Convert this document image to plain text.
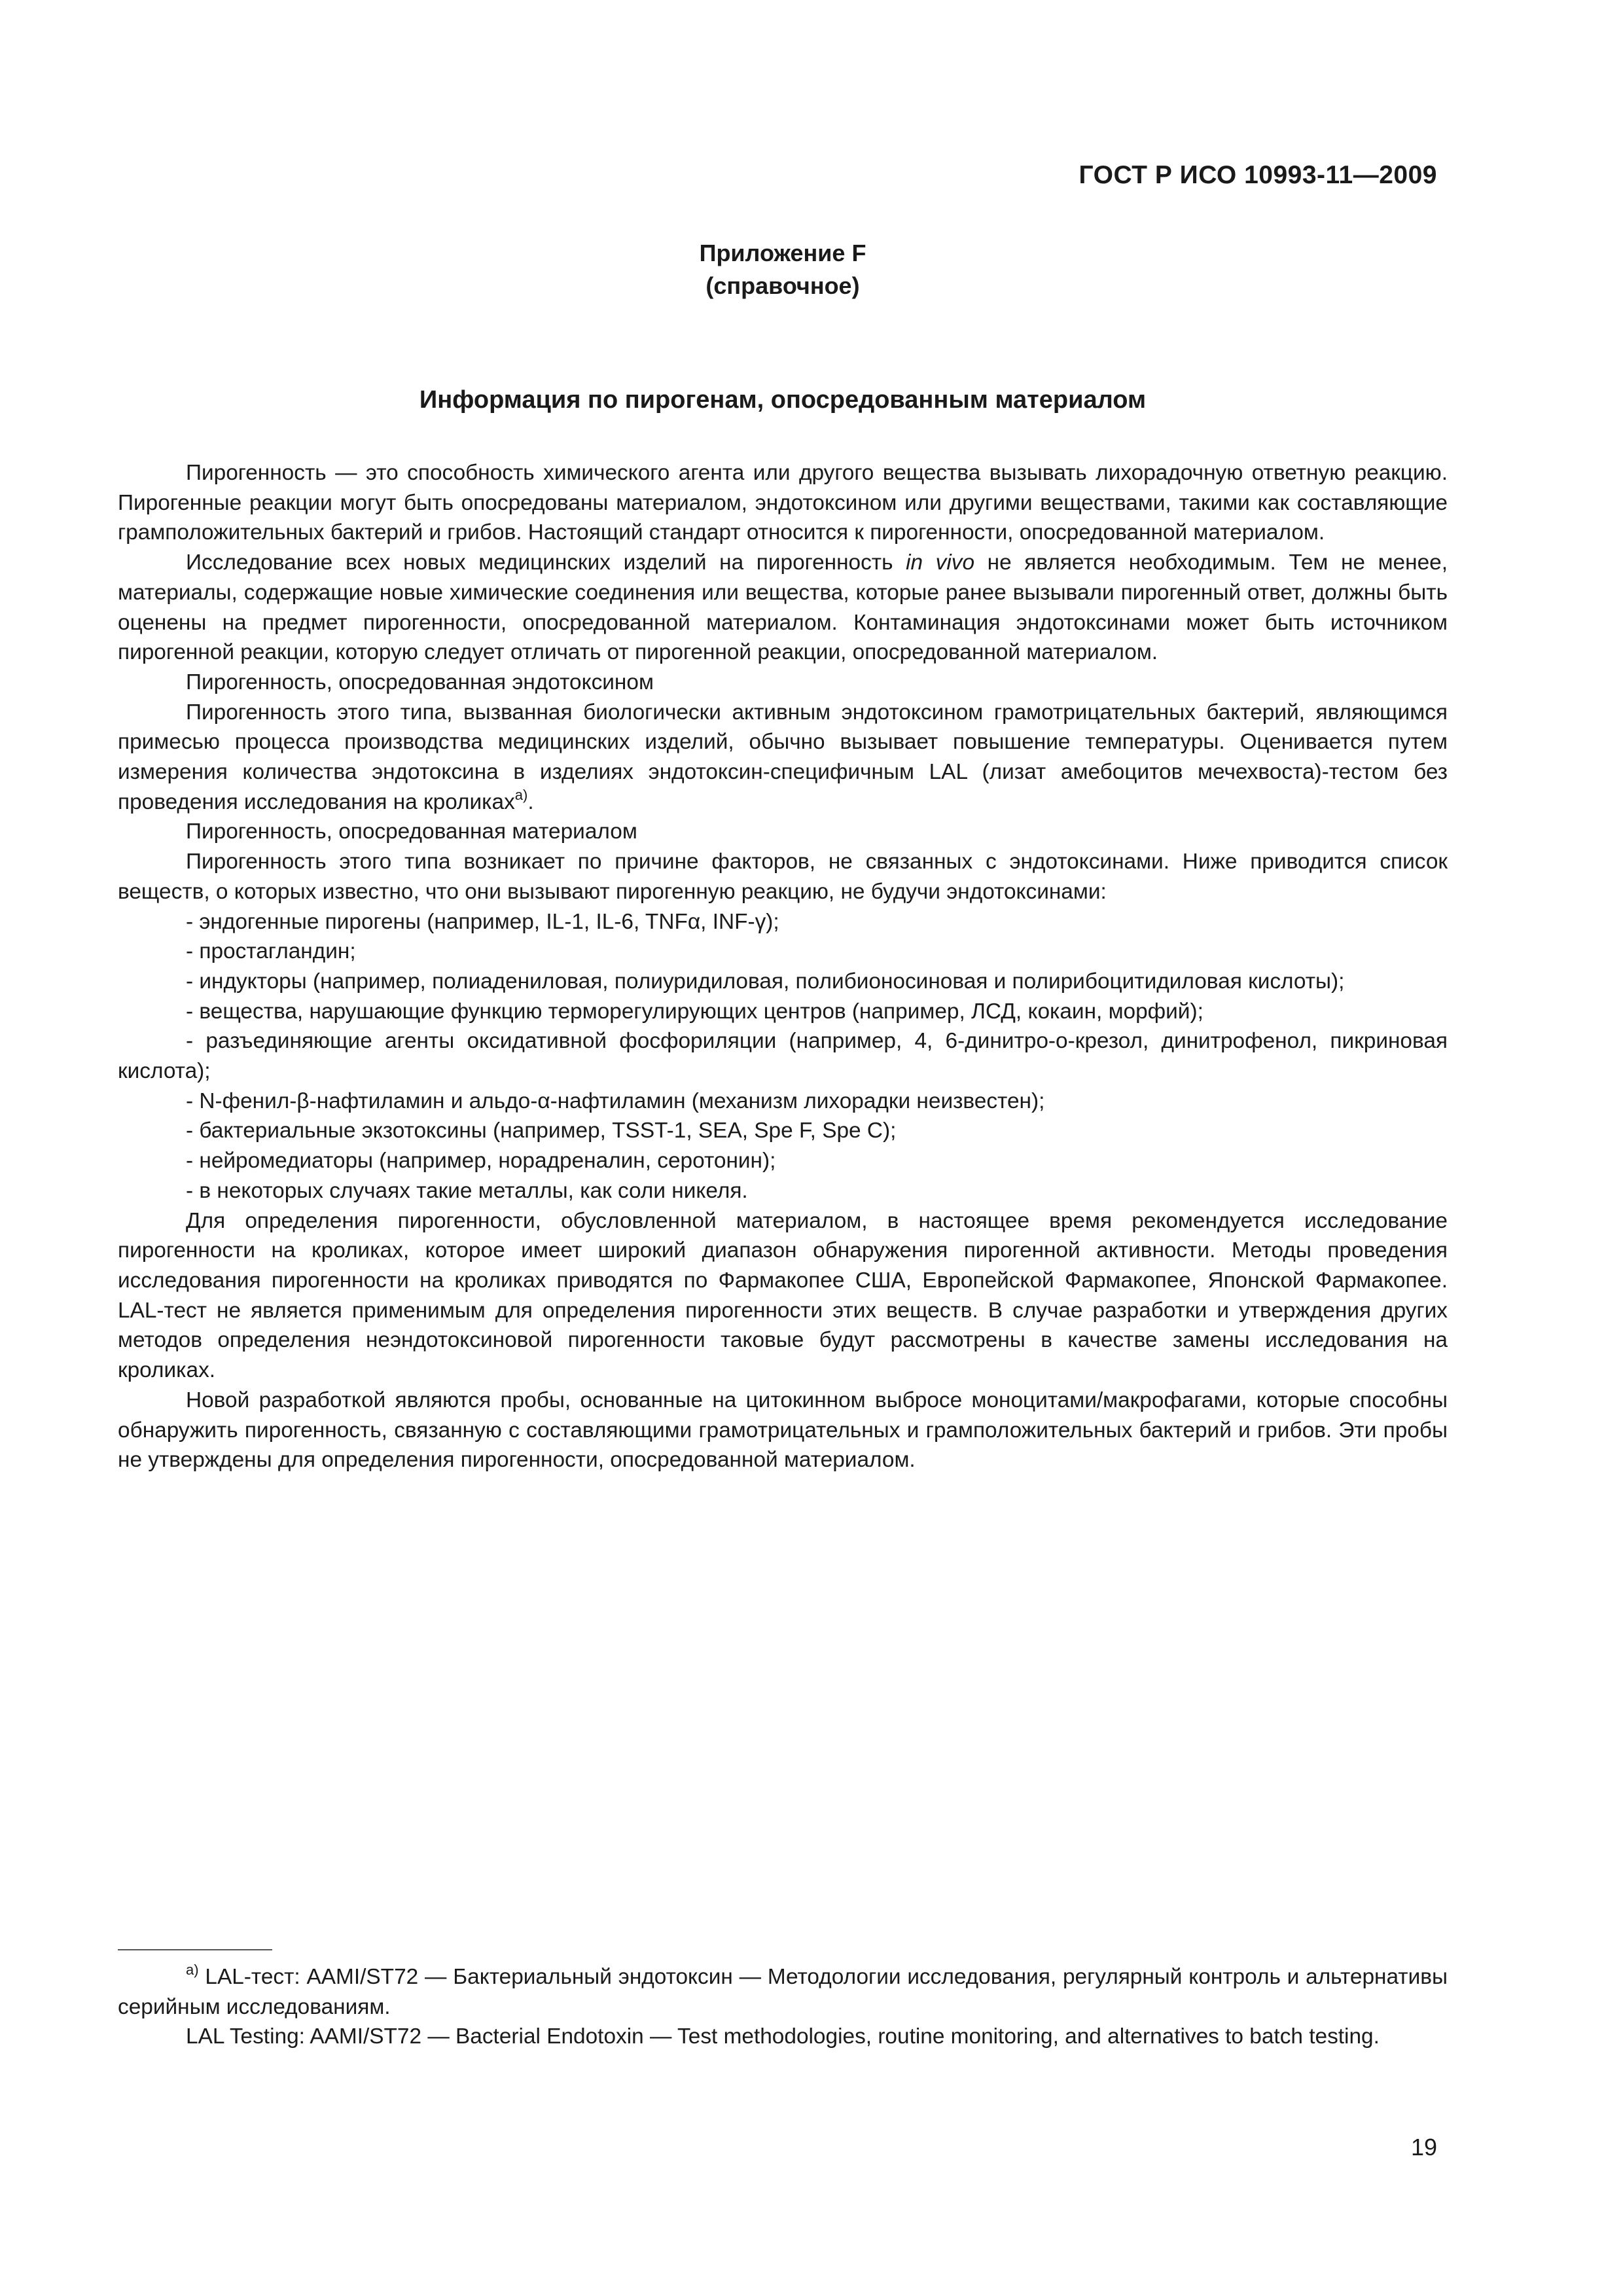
ГОСТ Р ИСО 10993-11—2009
Приложение F
(справочное)
Информация по пирогенам, опосредованным материалом

Пирогенность — это способность химического агента или другого вещества вызывать лихорадочную ответную реакцию. Пирогенные реакции могут быть опосредованы материалом, эндотоксином или другими веществами, такими как составляющие грамположительных бактерий и грибов. Настоящий стандарт относится к пирогенности, опосредованной материалом.

Исследование всех новых медицинских изделий на пирогенность in vivo не является необходимым. Тем не менее, материалы, содержащие новые химические соединения или вещества, которые ранее вызывали пирогенный ответ, должны быть оценены на предмет пирогенности, опосредованной материалом. Контаминация эндотоксинами может быть источником пирогенной реакции, которую следует отличать от пирогенной реакции, опосредованной материалом.

Пирогенность, опосредованная эндотоксином

Пирогенность этого типа, вызванная биологически активным эндотоксином грамотрицательных бактерий, являющимся примесью процесса производства медицинских изделий, обычно вызывает повышение температуры. Оценивается путем измерения количества эндотоксина в изделиях эндотоксин-специфичным LAL (лизат амебоцитов мечехвоста)-тестом без проведения исследования на кроликах$^{а)}$.

Пирогенность, опосредованная материалом

Пирогенность этого типа возникает по причине факторов, не связанных с эндотоксинами. Ниже приводится список веществ, о которых известно, что они вызывают пирогенную реакцию, не будучи эндотоксинами:

- эндогенные пирогены (например, IL-1, IL-6, TNFα, INF-γ);

- простагландин;

- индукторы (например, полиадениловая, полиуридиловая, полибионосиновая и полирибоцитидиловая кислоты);

- вещества, нарушающие функцию терморегулирующих центров (например, ЛСД, кокаин, морфий);

- разъединяющие агенты оксидативной фосфориляции (например, 4, 6-динитро-о-крезол, динитрофенол, пикриновая кислота);

- N-фенил-β-нафтиламин и альдо-α-нафтиламин (механизм лихорадки неизвестен);

- бактериальные экзотоксины (например, TSST-1, SEA, Spe F, Spe C);

- нейромедиаторы (например, норадреналин, серотонин);

- в некоторых случаях такие металлы, как соли никеля.

Для определения пирогенности, обусловленной материалом, в настоящее время рекомендуется исследование пирогенности на кроликах, которое имеет широкий диапазон обнаружения пирогенной активности. Методы проведения исследования пирогенности на кроликах приводятся по Фармакопее США, Европейской Фармакопее, Японской Фармакопее. LAL-тест не является применимым для определения пирогенности этих веществ. В случае разработки и утверждения других методов определения неэндотоксиновой пирогенности таковые будут рассмотрены в качестве замены исследования на кроликах.

Новой разработкой являются пробы, основанные на цитокинном выбросе моноцитами/макрофагами, которые способны обнаружить пирогенность, связанную с составляющими грамотрицательных и грамположительных бактерий и грибов. Эти пробы не утверждены для определения пирогенности, опосредованной материалом.

$^{а)}$ LAL-тест: AAMI/ST72 — Бактериальный эндотоксин — Методологии исследования, регулярный контроль и альтернативы серийным исследованиям.

LAL Testing: AAMI/ST72 — Bacterial Endotoxin — Test methodologies, routine monitoring, and alternatives to batch testing.

19
